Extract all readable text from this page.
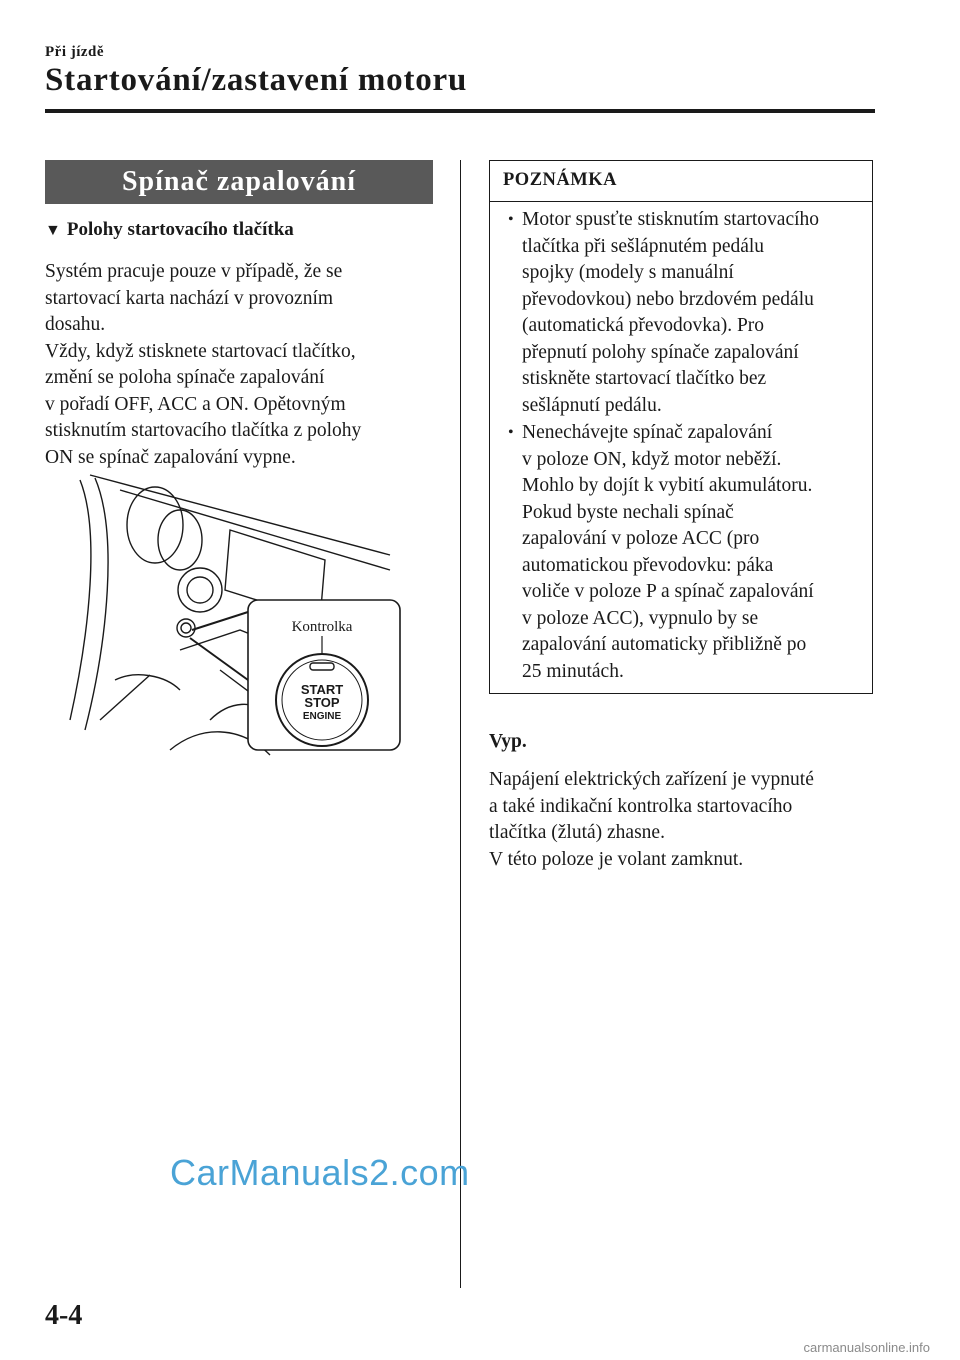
Při jízdě
Startování/zastavení motoru
Spínač zapalování
▼ Polohy startovacího tlačítka

Systém pracuje pouze v případě, že se

startovací karta nachází v provozním

dosahu.

Vždy, když stisknete startovací tlačítko,

změní se poloha spínače zapalování

v pořadí OFF, ACC a ON. Opětovným

stisknutím startovacího tlačítka z polohy

ON se spínač zapalování vypne.

Kontrolka
START
STOP
ENGINE
POZNÁMKA
• Motor spusťte stisknutím startovacího

tlačítka při sešlápnutém pedálu

spojky (modely s manuální

převodovkou) nebo brzdovém pedálu

(automatická převodovka). Pro

přepnutí polohy spínače zapalování

stiskněte startovací tlačítko bez

sešlápnutí pedálu.

• Nenechávejte spínač zapalování

v poloze ON, když motor neběží.

Mohlo by dojít k vybití akumulátoru.

Pokud byste nechali spínač

zapalování v poloze ACC (pro

automatickou převodovku: páka

voliče v poloze P a spínač zapalování

v poloze ACC), vypnulo by se

zapalování automaticky přibližně po

25 minutách.

Vyp.

Napájení elektrických zařízení je vypnuté

a také indikační kontrolka startovacího

tlačítka (žlutá) zhasne.

V této poloze je volant zamknut.

CarManuals2.com
4-4
carmanualsonline.info
